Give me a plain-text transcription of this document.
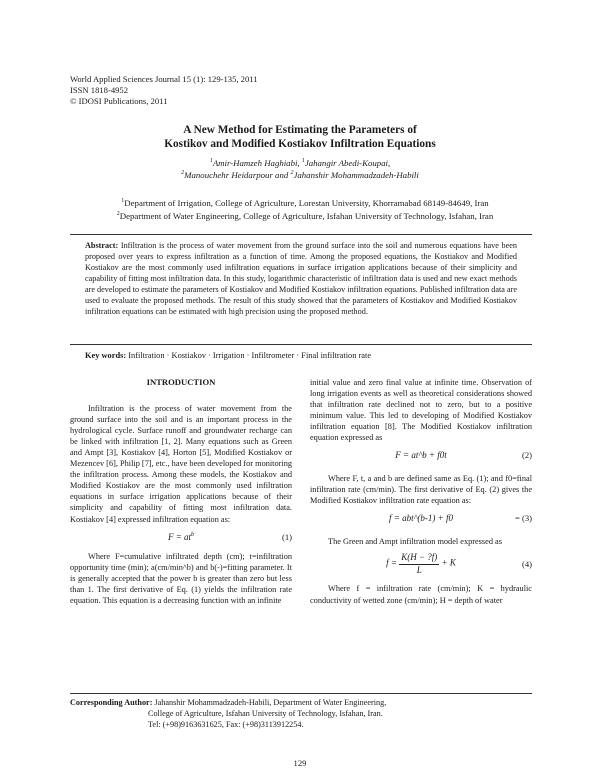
World Applied Sciences Journal 15 (1): 129-135, 2011
ISSN 1818-4952
© IDOSI Publications, 2011
A New Method for Estimating the Parameters of
Kostikov and Modified Kostiakov Infiltration Equations
$^1$Amir-Hamzeh Haghiabi, $^1$Jahangir Abedi-Koupai,
$^2$Manouchehr Heidarpour and $^2$Jahanshir Mohammadzadeh-Habili
$^1$Department of Irrigation, College of Agriculture, Lorestan University, Khorramabad 68149-84649, Iran
$^2$Department of Water Engineering, College of Agriculture, Isfahan University of Technology, Isfahan, Iran
Abstract: Infiltration is the process of water movement from the ground surface into the soil and numerous equations have been proposed over years to express infiltration as a function of time. Among the proposed equations, the Kostiakov and Modified Kostiakov are the most commonly used infiltration equations in surface irrigation applications because of their simplicity and capability of fitting most infiltration data. In this study, logarithmic characteristic of infiltration data is used and new exact methods are developed to estimate the parameters of Kostiakov and Modified Kostiakov infiltration equations. Published infiltration data are used to evaluate the proposed methods. The result of this study showed that the parameters of Kostiakov and Modified Kostiakov infiltration equations can be estimated with high precision using the proposed method.
Key words: Infiltration · Kostiakov · Irrigation · Infiltrometer · Final infiltration rate
INTRODUCTION

Infiltration is the process of water movement from the ground surface into the soil and is an important process in the hydrological cycle. Surface runoff and groundwater recharge can be linked with infiltration [1, 2]. Many equations such as Green and Ampt [3], Kostiakov [4], Horton [5], Modified Kostiakov or Mezencev [6], Philip [7], etc., have been developed for monitoring the infiltration process. Among these models, the Kostiakov and Modified Kostiakov are the most commonly used infiltration equations in surface irrigation applications because of their simplicity and capability of fitting most infiltration data. Kostiakov [4] expressed infiltration equation as:

$F = at^b$	(1)

Where F=cumulative infiltrated depth (cm); t=infiltration opportunity time (min); a(cm/min^b) and b(-)=fitting parameter. It is generally accepted that the power b is greater than zero but less than 1. The first derivative of Eq. (1) yields the infiltration rate equation. This equation is a decreasing function with an infinite

initial value and zero final value at infinite time. Observation of long irrigation events as well as theoretical considerations showed that infiltration rate declined not to zero, but to a positive minimum value. This led to developing of Modified Kostiakov infiltration equation [8]. The Modified Kostiakov infiltration equation expressed as

F = at^b + f0t	(2)

Where F, t, a and b are defined same as Eq. (1); and f0=final infiltration rate (cm/min). The first derivative of Eq. (2) gives the Modified Kostiakov infiltration rate equation as:

f = abt^(b-1) + f0	= (3)

The Green and Ampt infiltration model expressed as

$f = \frac{K(H - ?f)}{L} + K$	(4)

Where f = infiltration rate (cm/min); K = hydraulic conductivity of wetted zone (cm/min); H = depth of water

Corresponding Author: Jahanshir Mohammadzadeh-Habili, Department of Water Engineering,
College of Agriculture, Isfahan University of Technology, Isfahan, Iran.
Tel: (+98)9163631625, Fax: (+98)3113912254.
129
